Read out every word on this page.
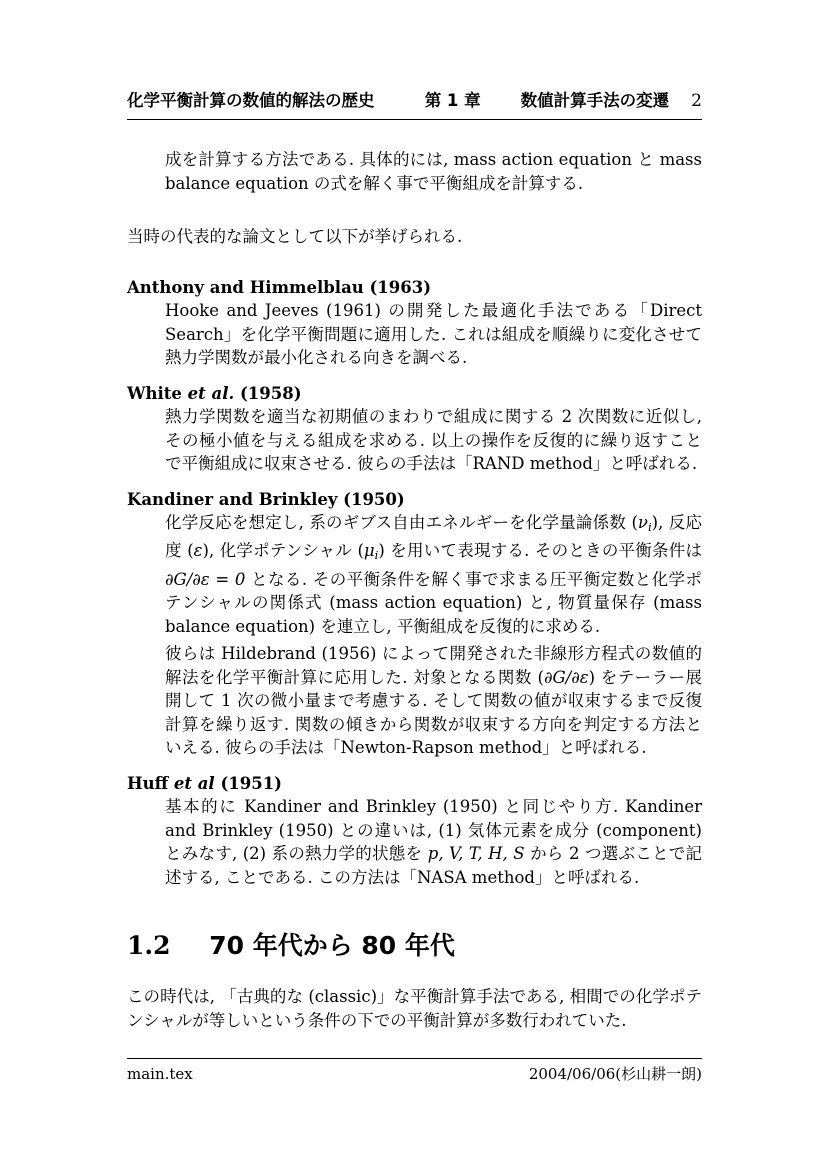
化学平衡計算の数値的解法の歴史	第 1 章 数値計算手法の変遷 2

成を計算する方法である. 具体的には, mass action equation と mass balance equation の式を解く事で平衡組成を計算する.

当時の代表的な論文として以下が挙げられる.

Anthony and Himmelblau (1963)

Hooke and Jeeves (1961) の開発した最適化手法である「Direct Search」を化学平衡問題に適用した. これは組成を順繰りに変化させて熱力学関数が最小化される向きを調べる.

White et al. (1958)

熱力学関数を適当な初期値のまわりで組成に関する 2 次関数に近似し, その極小値を与える組成を求める. 以上の操作を反復的に繰り返すことで平衡組成に収束させる. 彼らの手法は「RAND method」と呼ばれる.

Kandiner and Brinkley (1950)

化学反応を想定し, 系のギブス自由エネルギーを化学量論係数 (νi), 反応度 (ε), 化学ポテンシャル (μi) を用いて表現する. そのときの平衡条件は ∂G/∂ε = 0 となる. その平衡条件を解く事で求まる圧平衡定数と化学ポテンシャルの関係式 (mass action equation) と, 物質量保存 (mass balance equation) を連立し, 平衡組成を反復的に求める.

彼らは Hildebrand (1956) によって開発された非線形方程式の数値的解法を化学平衡計算に応用した. 対象となる関数 (∂G/∂ε) をテーラー展開して 1 次の微小量まで考慮する. そして関数の値が収束するまで反復計算を繰り返す. 関数の傾きから関数が収束する方向を判定する方法といえる. 彼らの手法は「Newton-Rapson method」と呼ばれる.

Huff et al (1951)

基本的に Kandiner and Brinkley (1950) と同じやり方. Kandiner and Brinkley (1950) との違いは, (1) 気体元素を成分 (component) とみなす, (2) 系の熱力学的状態を p, V, T, H, S から 2 つ選ぶことで記述する, ことである. この方法は「NASA method」と呼ばれる.

1.2 70 年代から 80 年代

この時代は, 「古典的な (classic)」な平衡計算手法である, 相間での化学ポテンシャルが等しいという条件の下での平衡計算が多数行われていた.

main.tex	2004/06/06(杉山耕一朗)
